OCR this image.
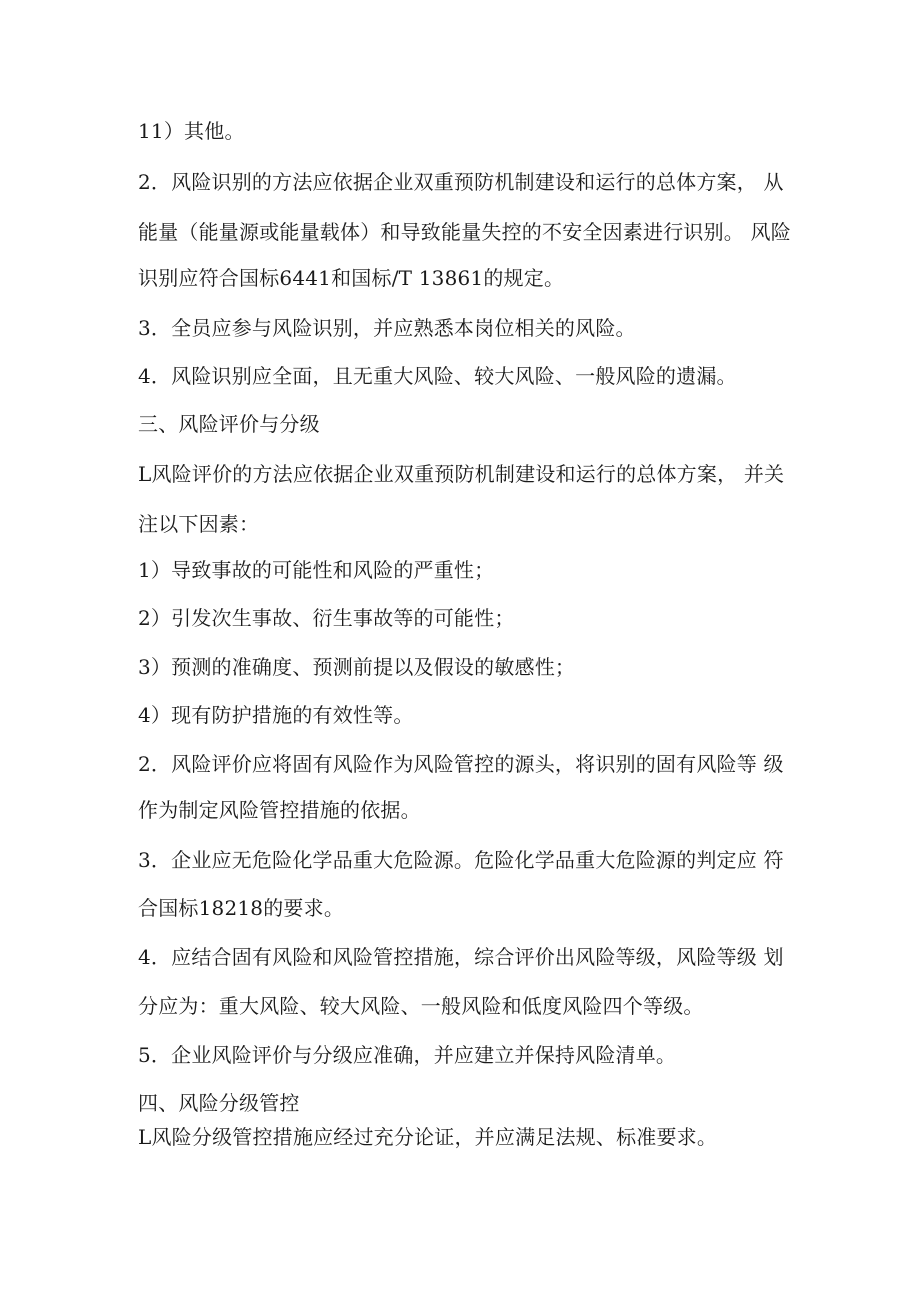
11）其他。
2．风险识别的方法应依据企业双重预防机制建设和运行的总体方案， 从
能量（能量源或能量载体）和导致能量失控的不安全因素进行识别。 风险
识别应符合国标6441和国标/T 13861的规定。
3．全员应参与风险识别，并应熟悉本岗位相关的风险。
4．风险识别应全面，且无重大风险、较大风险、一般风险的遗漏。
三、风险评价与分级
L风险评价的方法应依据企业双重预防机制建设和运行的总体方案， 并关
注以下因素：
1）导致事故的可能性和风险的严重性；
2）引发次生事故、衍生事故等的可能性；
3）预测的准确度、预测前提以及假设的敏感性；
4）现有防护措施的有效性等。
2．风险评价应将固有风险作为风险管控的源头，将识别的固有风险等 级
作为制定风险管控措施的依据。
3．企业应无危险化学品重大危险源。危险化学品重大危险源的判定应 符
合国标18218的要求。
4．应结合固有风险和风险管控措施，综合评价出风险等级，风险等级 划
分应为：重大风险、较大风险、一般风险和低度风险四个等级。
5．企业风险评价与分级应准确，并应建立并保持风险清单。
四、风险分级管控
L风险分级管控措施应经过充分论证，并应满足法规、标准要求。
